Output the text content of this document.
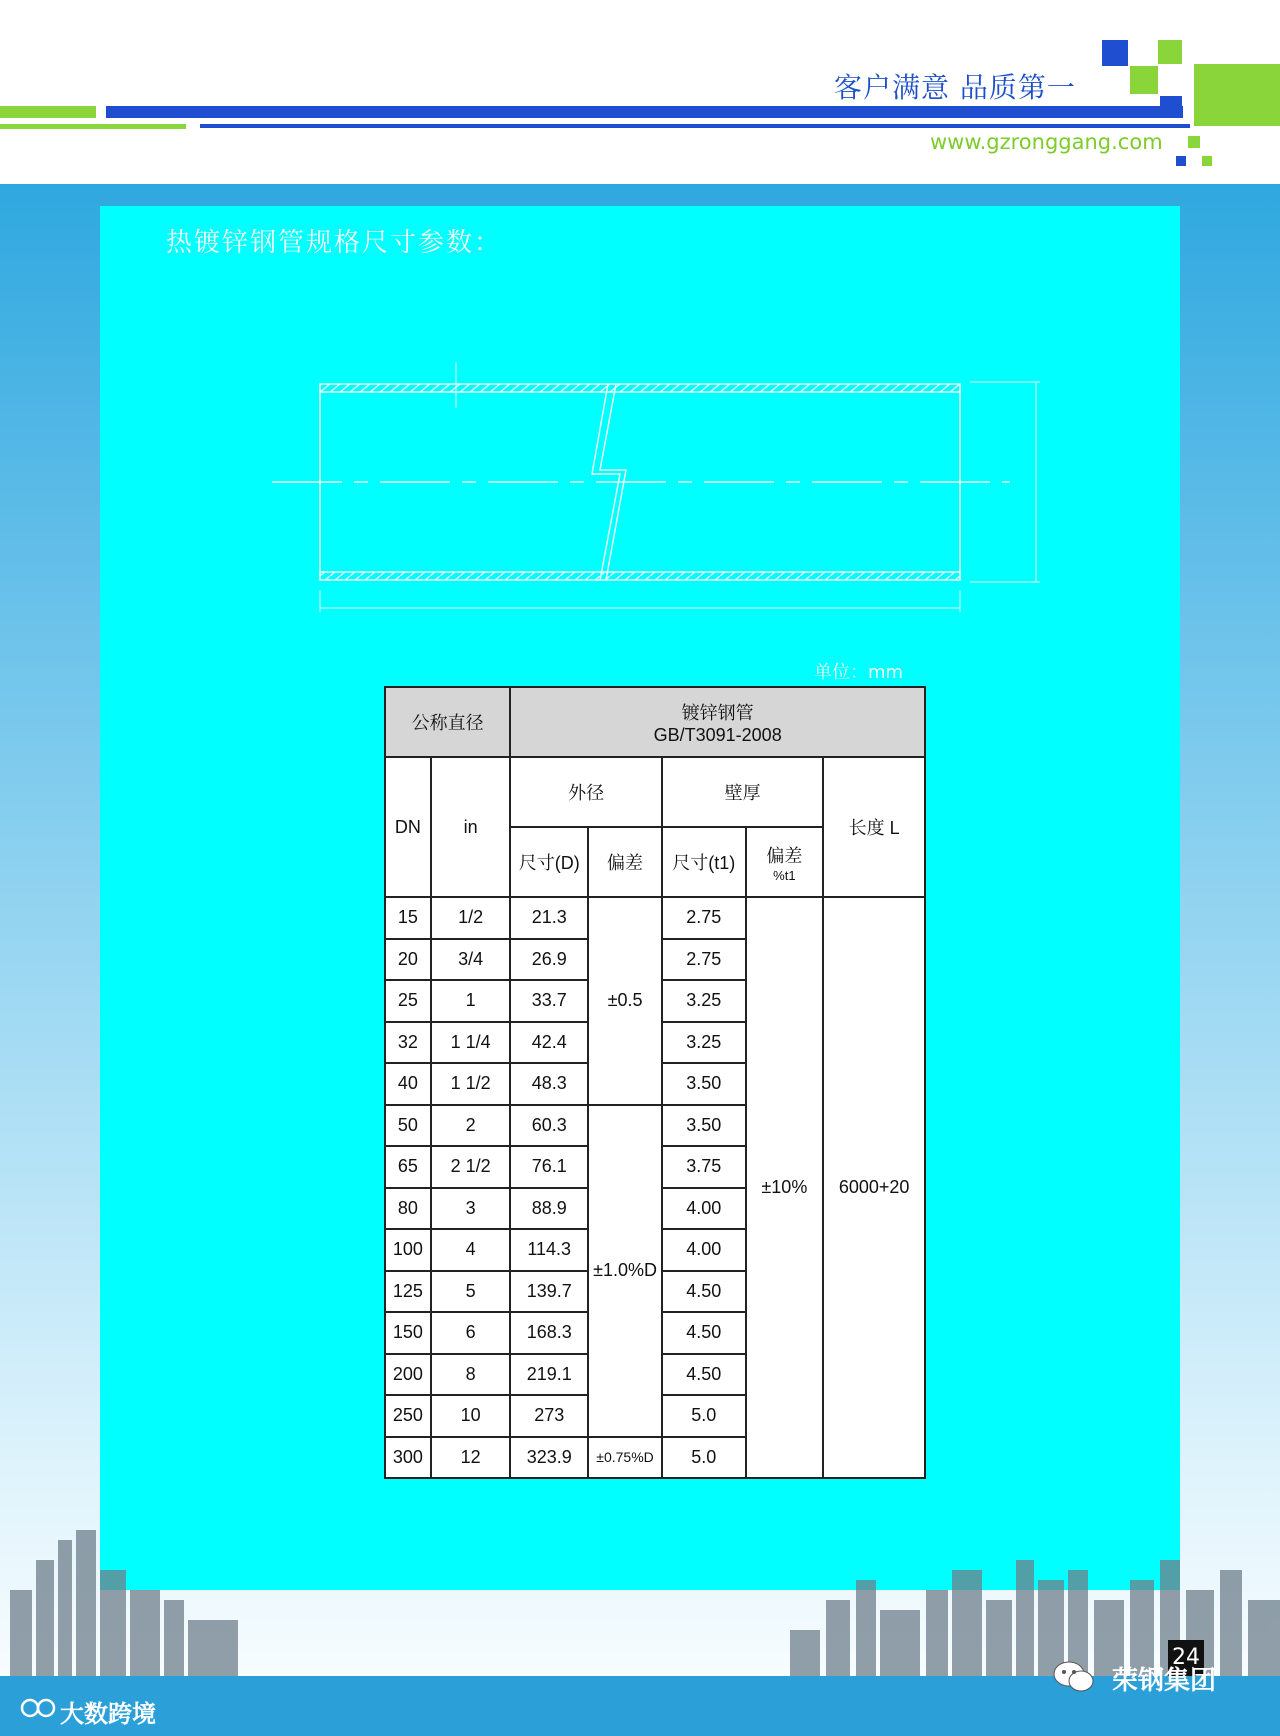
客户满意 品质第一
www.gzronggang.com
热镀锌钢管规格尺寸参数：
单位：mm
公称直径		镀锌钢管
GB/T3091-2008				

DN	in	外径		壁厚		长度 L
		尺寸(D)	偏差	尺寸(t1)	偏差
%t1	

15	1/2	21.3	±0.5	2.75	±10%	6000+20
20	3/4	26.9		2.75		
25	1	33.7		3.25		
32	1 1/4	42.4		3.25		
40	1 1/2	48.3		3.50		
50	2	60.3	±1.0%D	3.50		
65	2 1/2	76.1		3.75		
80	3	88.9		4.00		
100	4	114.3		4.00		
125	5	139.7		4.50		
150	6	168.3		4.50		
200	8	219.1		4.50		
250	10	273		5.0		
300	12	323.9	±0.75%D	5.0		
大数跨境
24
荣钢集团
